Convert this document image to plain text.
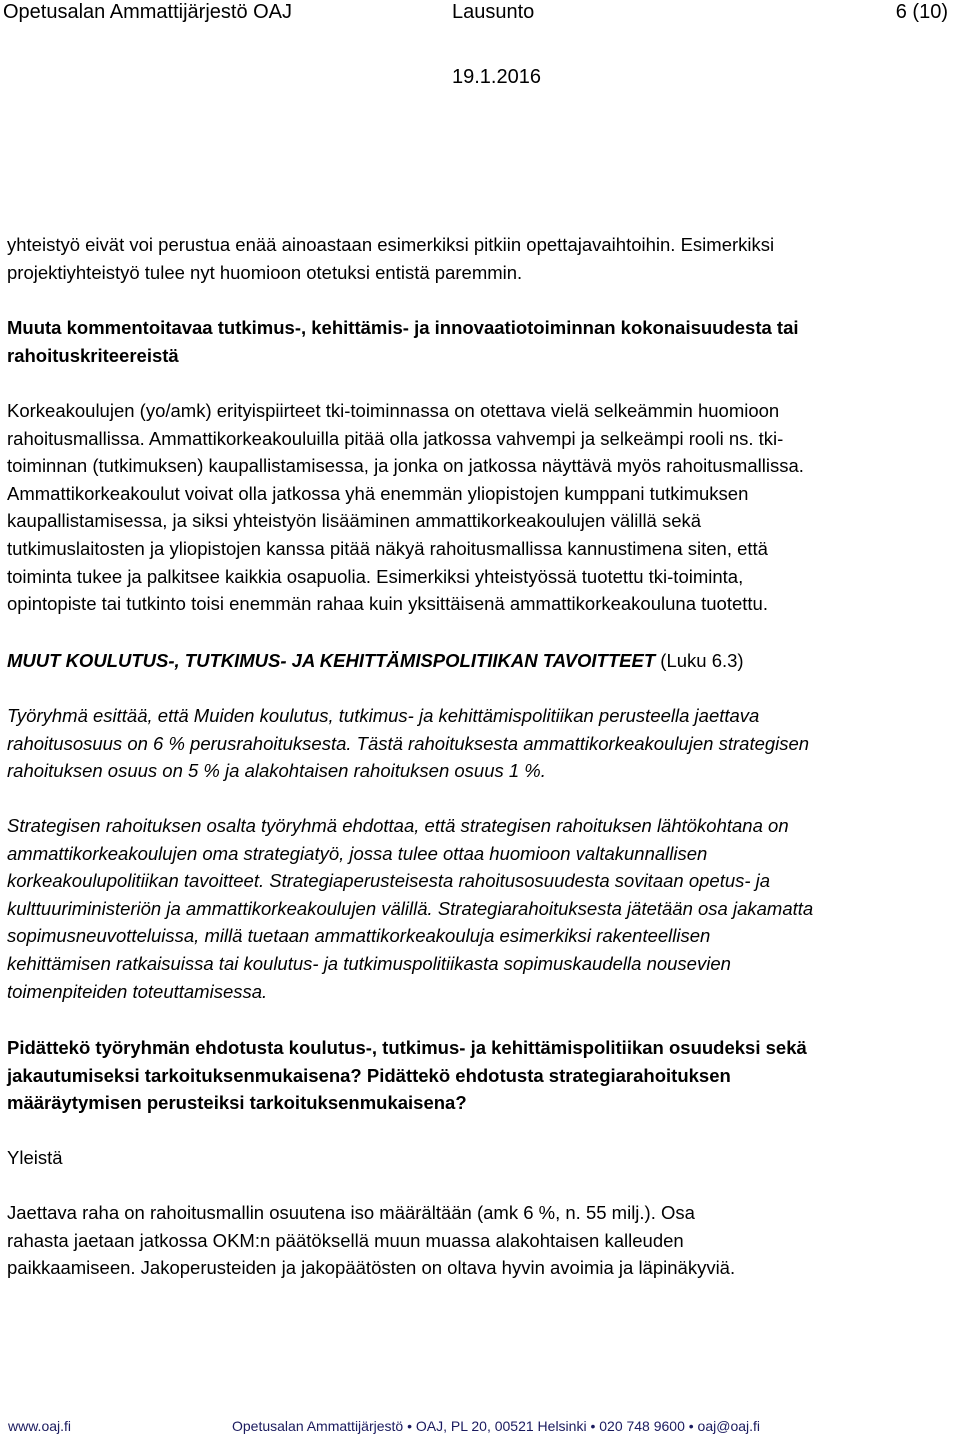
Opetusalan Ammattijärjestö OAJ	Lausunto	6 (10)
19.1.2016
yhteistyö eivät voi perustua enää ainoastaan esimerkiksi pitkiin opettajavaihtoihin. Esimerkiksi
projektiyhteistyö tulee nyt huomioon otetuksi entistä paremmin.
Muuta kommentoitavaa tutkimus-, kehittämis- ja innovaatiotoiminnan kokonaisuudesta tai
rahoituskriteereistä
Korkeakoulujen (yo/amk) erityispiirteet tki-toiminnassa on otettava vielä selkeämmin huomioon
rahoitusmallissa. Ammattikorkeakouluilla pitää olla jatkossa vahvempi ja selkeämpi rooli ns. tki-
toiminnan (tutkimuksen) kaupallistamisessa, ja jonka on jatkossa näyttävä myös rahoitusmallissa.
Ammattikorkeakoulut voivat olla jatkossa yhä enemmän yliopistojen kumppani tutkimuksen
kaupallistamisessa, ja siksi yhteistyön lisääminen ammattikorkeakoulujen välillä sekä
tutkimuslaitosten ja yliopistojen kanssa pitää näkyä rahoitusmallissa kannustimena siten, että
toiminta tukee ja palkitsee kaikkia osapuolia. Esimerkiksi yhteistyössä tuotettu tki-toiminta,
opintopiste tai tutkinto toisi enemmän rahaa kuin yksittäisenä ammattikorkeakouluna tuotettu.
MUUT KOULUTUS-, TUTKIMUS- JA KEHITTÄMISPOLITIIKAN TAVOITTEET (Luku 6.3)
Työryhmä esittää, että Muiden koulutus, tutkimus- ja kehittämispolitiikan perusteella jaettava
rahoitusosuus on 6 % perusrahoituksesta. Tästä rahoituksesta ammattikorkeakoulujen strategisen
rahoituksen osuus on 5 % ja alakohtaisen rahoituksen osuus 1 %.
Strategisen rahoituksen osalta työryhmä ehdottaa, että strategisen rahoituksen lähtökohtana on
ammattikorkeakoulujen oma strategiatyö, jossa tulee ottaa huomioon valtakunnallisen
korkeakoulupolitiikan tavoitteet. Strategiaperusteisesta rahoitusosuudesta sovitaan opetus- ja
kulttuuriministeriön ja ammattikorkeakoulujen välillä. Strategiarahoituksesta jätetään osa jakamatta
sopimusneuvotteluissa, millä tuetaan ammattikorkeakouluja esimerkiksi rakenteellisen
kehittämisen ratkaisuissa tai koulutus- ja tutkimuspolitiikasta sopimuskaudella nousevien
toimenpiteiden toteuttamisessa.
Pidättekö työryhmän ehdotusta koulutus-, tutkimus- ja kehittämispolitiikan osuudeksi sekä
jakautumiseksi tarkoituksenmukaisena? Pidättekö ehdotusta strategiarahoituksen
määräytymisen perusteiksi tarkoituksenmukaisena?
Yleistä
Jaettava raha on rahoitusmallin osuutena iso määrältään (amk 6 %, n. 55 milj.). Osa
rahasta jaetaan jatkossa OKM:n päätöksellä muun muassa alakohtaisen kalleuden
paikkaamiseen. Jakoperusteiden ja jakopäätösten on oltava hyvin avoimia ja läpinäkyviä.
www.oaj.fi	Opetusalan Ammattijärjestö • OAJ, PL 20, 00521 Helsinki • 020 748 9600 • oaj@oaj.fi
